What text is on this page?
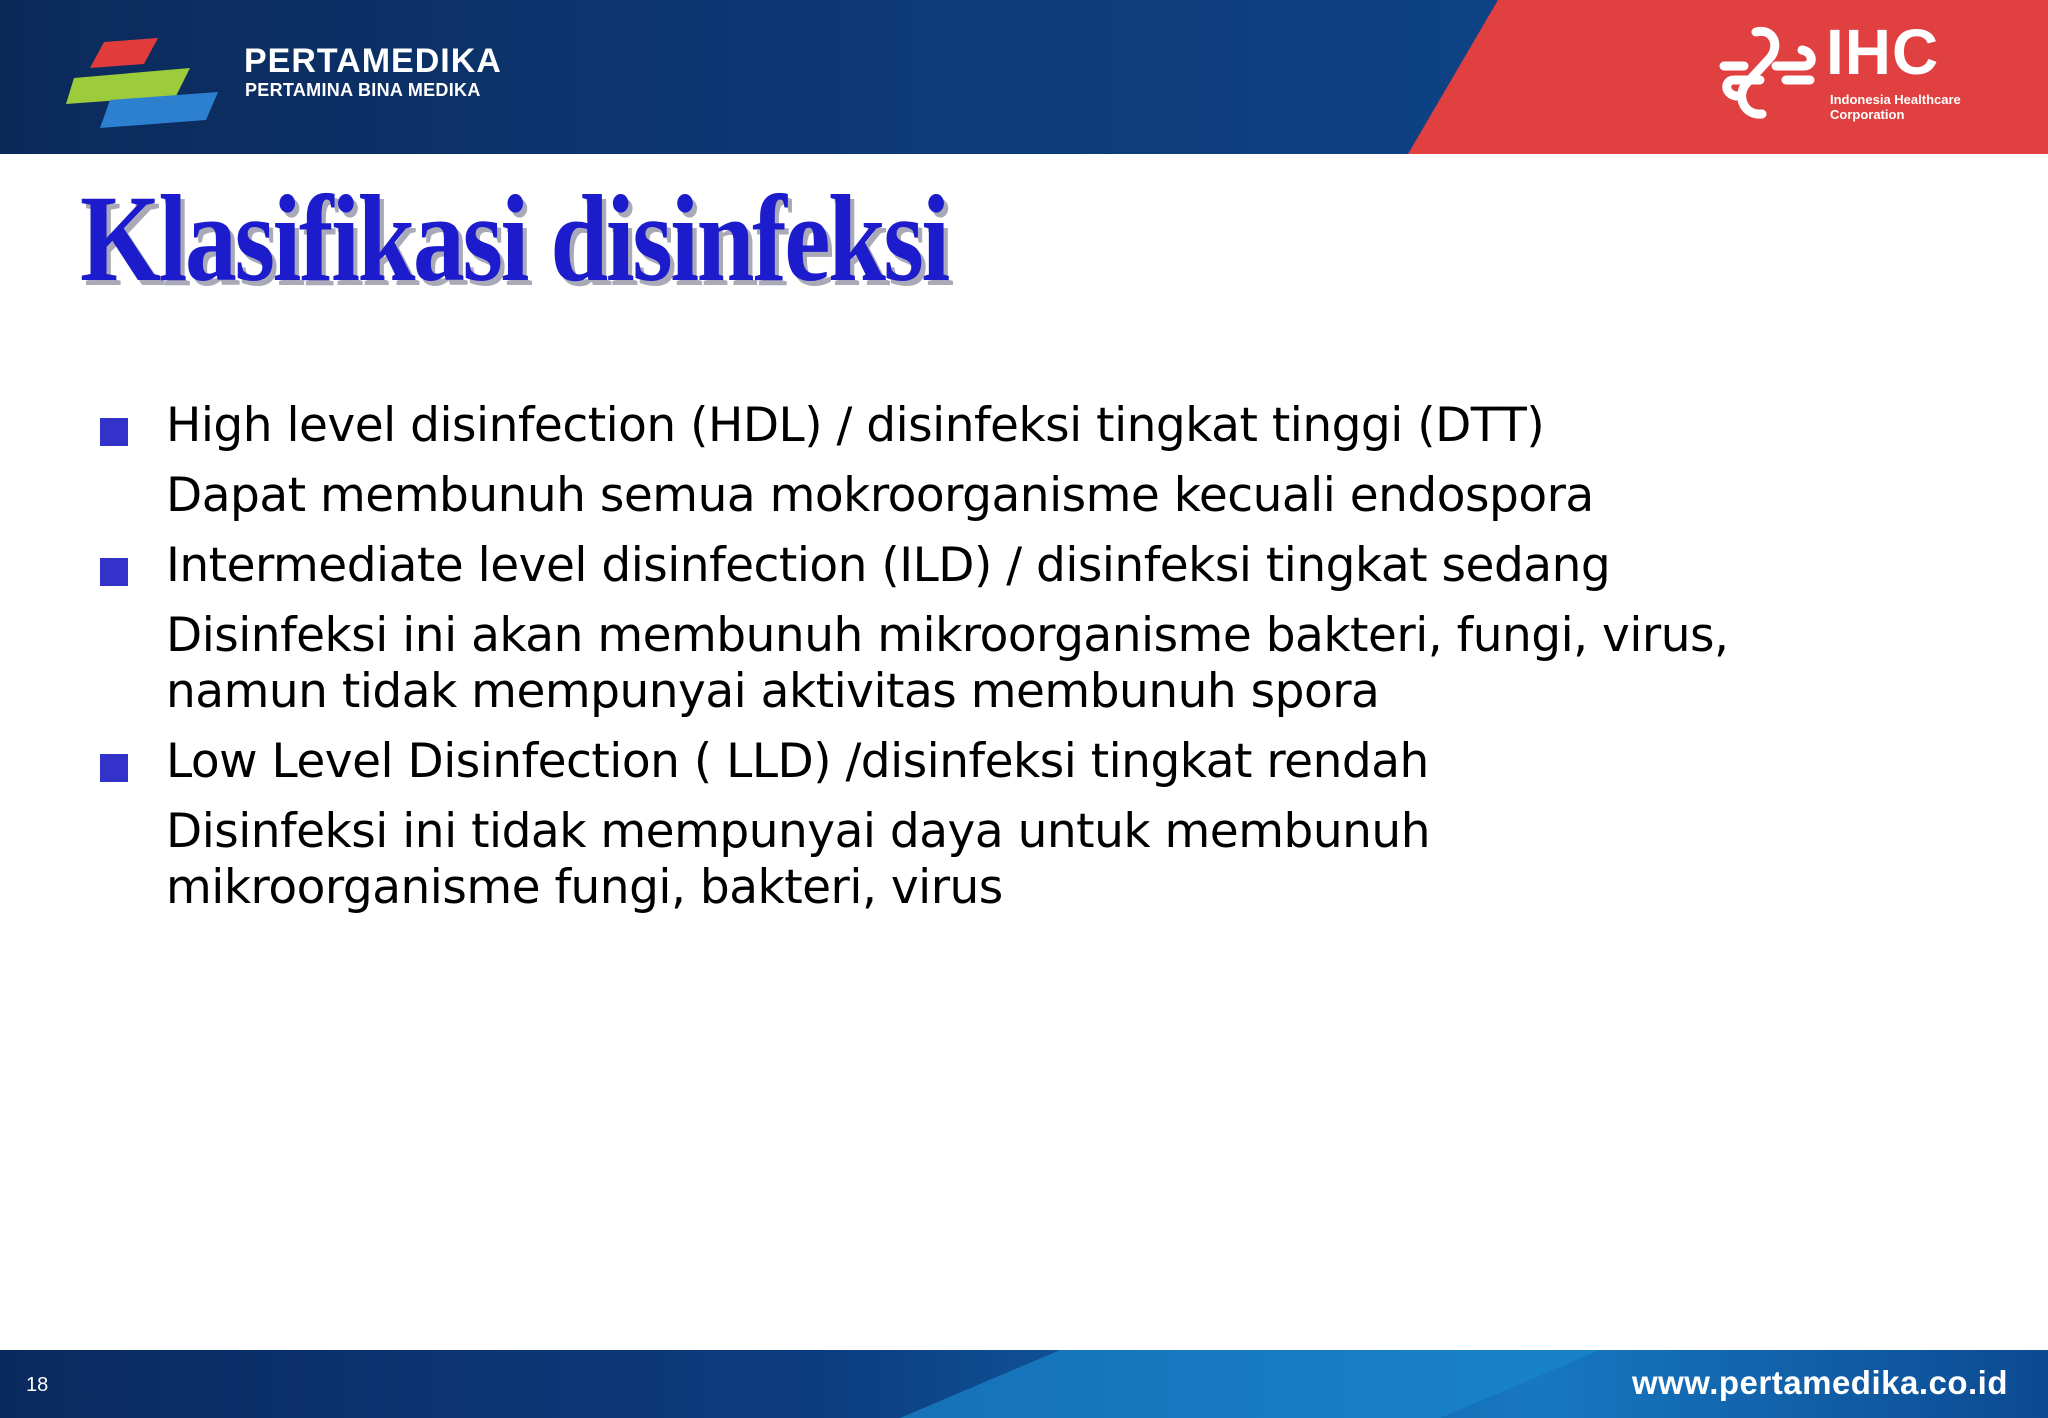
PERTAMEDIKA
PERTAMINA BINA MEDIKA
IHC
Indonesia Healthcare
Corporation
Klasifikasi disinfeksi
High level disinfection (HDL) / disinfeksi tingkat tinggi (DTT)
Dapat membunuh semua mokroorganisme kecuali endospora
Intermediate level disinfection (ILD) / disinfeksi tingkat sedang
Disinfeksi ini akan membunuh mikroorganisme bakteri, fungi, virus,
namun tidak mempunyai aktivitas membunuh spora
Low Level Disinfection ( LLD) /disinfeksi tingkat rendah
Disinfeksi ini tidak mempunyai daya untuk membunuh
mikroorganisme fungi, bakteri, virus
18	www.pertamedika.co.id
